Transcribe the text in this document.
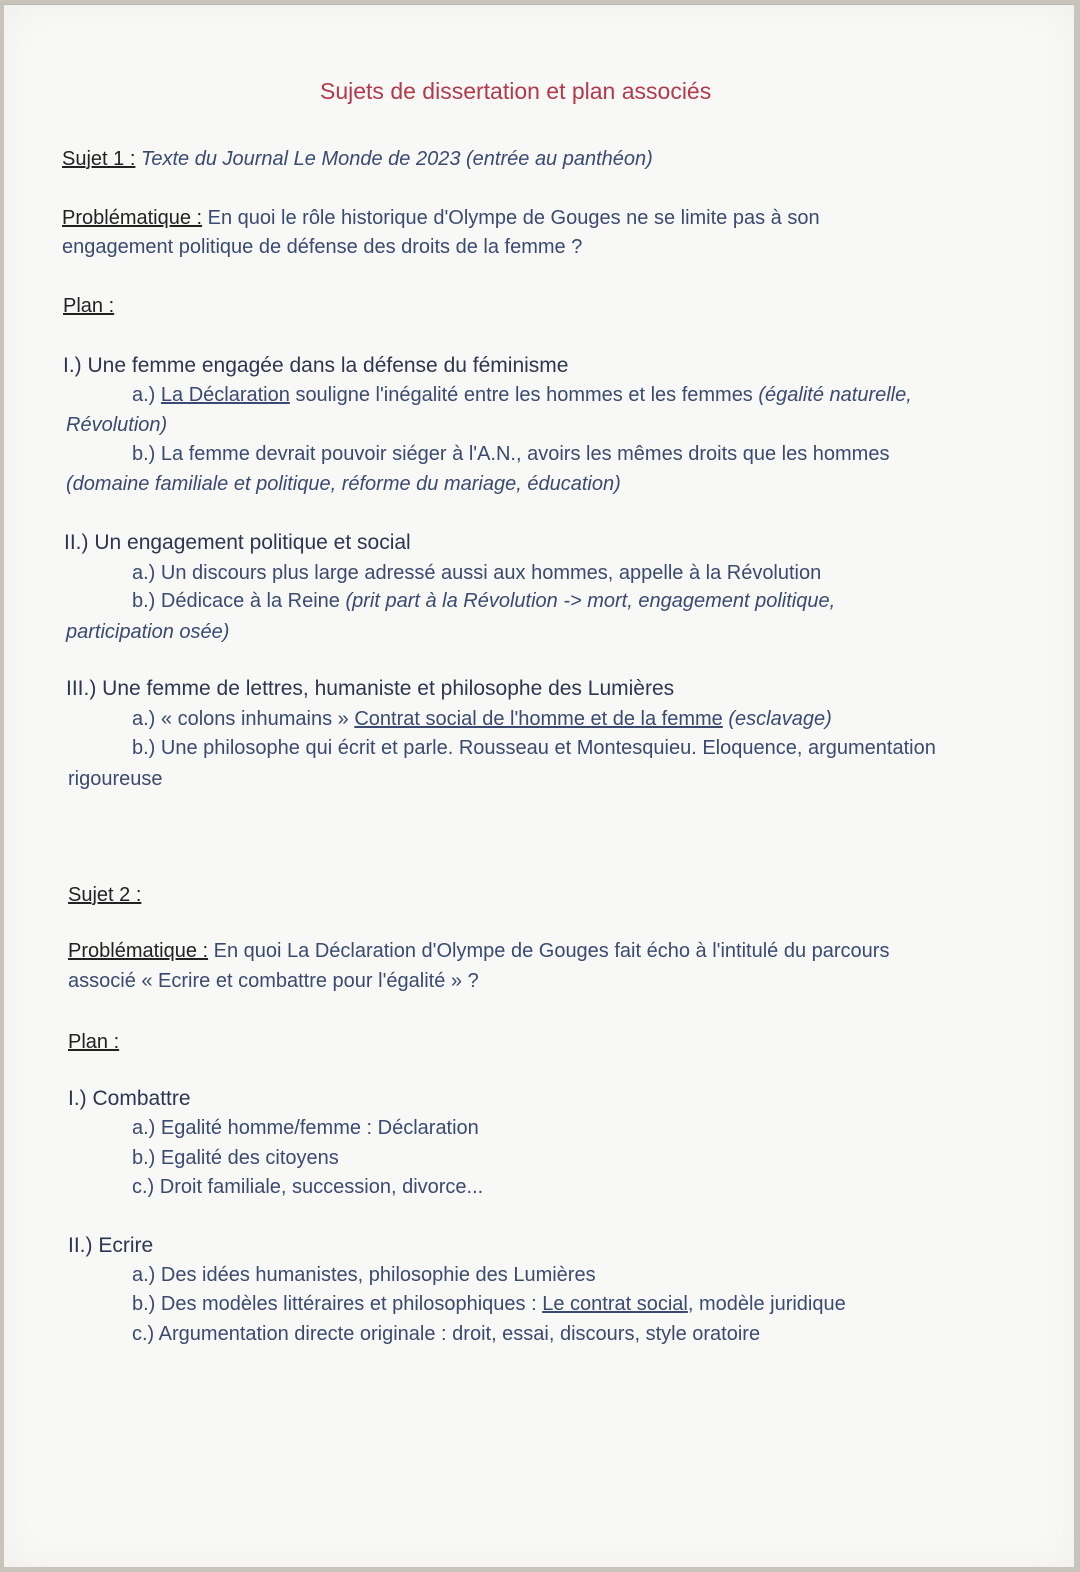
Sujets de dissertation et plan associés
Sujet 1 : Texte du Journal Le Monde de 2023 (entrée au panthéon)
Problématique : En quoi le rôle historique d'Olympe de Gouges ne se limite pas à son
engagement politique de défense des droits de la femme ?
Plan :
I.) Une femme engagée dans la défense du féminisme
a.) La Déclaration souligne l'inégalité entre les hommes et les femmes (égalité naturelle,
Révolution)
b.) La femme devrait pouvoir siéger à l'A.N., avoirs les mêmes droits que les hommes
(domaine familiale et politique, réforme du mariage, éducation)
II.) Un engagement politique et social
a.) Un discours plus large adressé aussi aux hommes, appelle à la Révolution
b.) Dédicace à la Reine (prit part à la Révolution -> mort, engagement politique,
participation osée)
III.) Une femme de lettres, humaniste et philosophe des Lumières
a.) « colons inhumains » Contrat social de l'homme et de la femme (esclavage)
b.) Une philosophe qui écrit et parle. Rousseau et Montesquieu. Eloquence, argumentation
rigoureuse
Sujet 2 :
Problématique : En quoi La Déclaration d'Olympe de Gouges fait écho à l'intitulé du parcours
associé « Ecrire et combattre pour l'égalité » ?
Plan :
I.) Combattre
a.) Egalité homme/femme : Déclaration
b.) Egalité des citoyens
c.) Droit familiale, succession, divorce...
II.) Ecrire
a.) Des idées humanistes, philosophie des Lumières
b.) Des modèles littéraires et philosophiques : Le contrat social, modèle juridique
c.) Argumentation directe originale : droit, essai, discours, style oratoire
